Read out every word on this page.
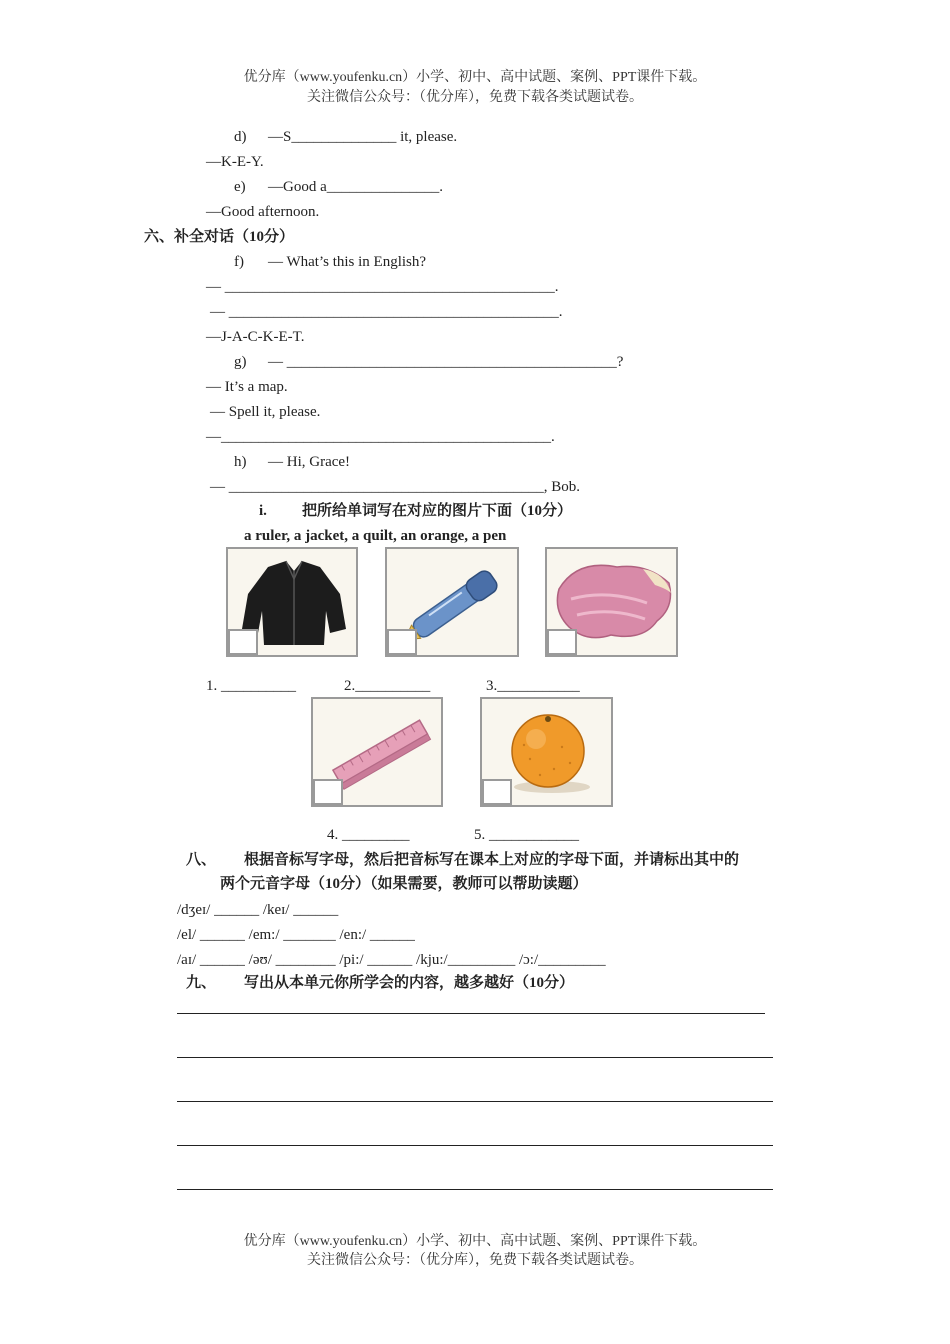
优分库（www.youfenku.cn）小学、初中、高中试题、案例、PPT课件下载。
关注微信公众号：（优分库），免费下载各类试题试卷。
d) —S______________ it, please.
—K-E-Y.
e) —Good a_______________.
—Good afternoon.
六、补全对话（10分）
f) — What’s this in English?
— ____________________________________________.
— ____________________________________________.
—J-A-C-K-E-T.
g) — ____________________________________________?
— It’s a map.
— Spell it, please.
—____________________________________________.
h) — Hi, Grace!
— __________________________________________, Bob.
i. 把所给单词写在对应的图片下面（10分）
a ruler, a jacket, a quilt, an orange, a pen
1. __________	2.__________	3.___________
4. _________	5. ____________
八、 根据音标写字母，然后把音标写在课本上对应的字母下面，并请标出其中的
两个元音字母（10分）（如果需要，教师可以帮助读题）
/dʒeɪ/ ______ /keɪ/ ______
/el/ ______ /em:/ _______ /en:/ ______
/aɪ/ ______ /əʊ/ ________ /pi:/ ______ /kju:/_________ /ɔ:/_________
九、 写出从本单元你所学会的内容，越多越好（10分）
优分库（www.youfenku.cn）小学、初中、高中试题、案例、PPT课件下载。
关注微信公众号：（优分库），免费下载各类试题试卷。
